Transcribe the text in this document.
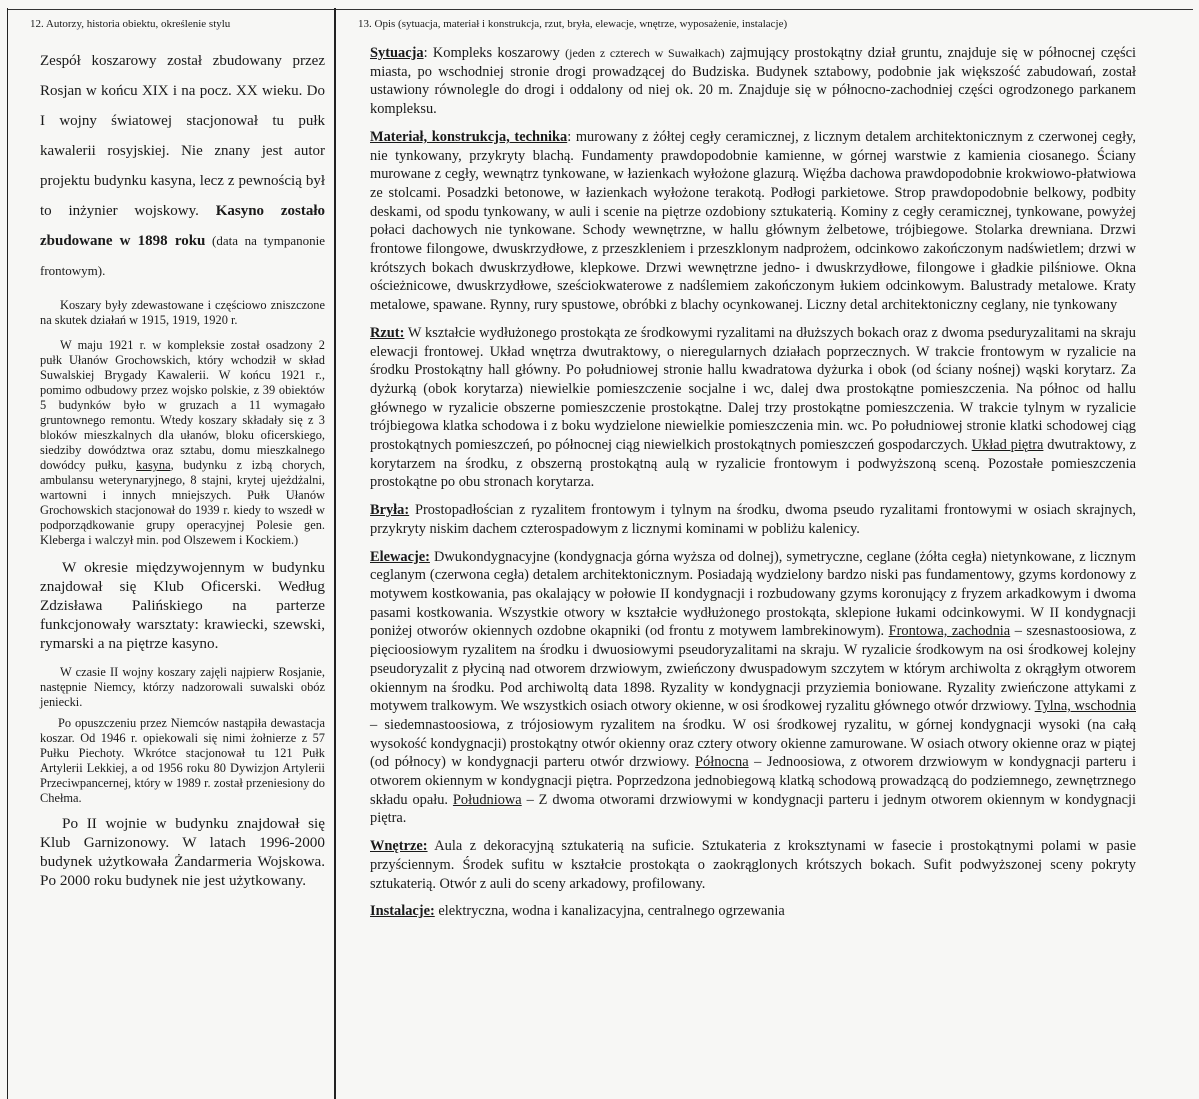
12. Autorzy, historia obiektu, określenie stylu	13. Opis (sytuacja, materiał i konstrukcja, rzut, bryła, elewacje, wnętrze, wyposażenie, instalacje)

Zespół koszarowy został zbudowany przez Rosjan w końcu XIX i na pocz. XX wieku. Do I wojny światowej stacjonował tu pułk kawalerii rosyjskiej. Nie znany jest autor projektu budynku kasyna, lecz z pewnością był to inżynier wojskowy. Kasyno zostało zbudowane w 1898 roku (data na tympanonie frontowym).

Koszary były zdewastowane i częściowo zniszczone na skutek działań w 1915, 1919, 1920 r.

W maju 1921 r. w kompleksie został osadzony 2 pułk Ułanów Grochowskich, który wchodził w skład Suwalskiej Brygady Kawalerii. W końcu 1921 r., pomimo odbudowy przez wojsko polskie, z 39 obiektów 5 budynków było w gruzach a 11 wymagało gruntownego remontu. Wtedy koszary składały się z 3 bloków mieszkalnych dla ułanów, bloku oficerskiego, siedziby dowództwa oraz sztabu, domu mieszkalnego dowódcy pułku, kasyna, budynku z izbą chorych, ambulansu weterynaryjnego, 8 stajni, krytej ujeżdżalni, wartowni i innych mniejszych. Pułk Ułanów Grochowskich stacjonował do 1939 r. kiedy to wszedł w podporządkowanie grupy operacyjnej Polesie gen. Kleberga i walczył min. pod Olszewem i Kockiem.)

W okresie międzywojennym w budynku znajdował się Klub Oficerski. Według Zdzisława Palińskiego na parterze funkcjonowały warsztaty: krawiecki, szewski, rymarski a na piętrze kasyno.

W czasie II wojny koszary zajęli najpierw Rosjanie, następnie Niemcy, którzy nadzorowali suwalski obóz jeniecki.

Po opuszczeniu przez Niemców nastąpiła dewastacja koszar. Od 1946 r. opiekowali się nimi żołnierze z 57 Pułku Piechoty. Wkrótce stacjonował tu 121 Pułk Artylerii Lekkiej, a od 1956 roku 80 Dywizjon Artylerii Przeciwpancernej, który w 1989 r. został przeniesiony do Chełma.

Po II wojnie w budynku znajdował się Klub Garnizonowy. W latach 1996-2000 budynek użytkowała Żandarmeria Wojskowa. Po 2000 roku budynek nie jest użytkowany.

Sytuacja: Kompleks koszarowy (jeden z czterech w Suwałkach) zajmujący prostokątny dział gruntu, znajduje się w północnej części miasta, po wschodniej stronie drogi prowadzącej do Budziska. Budynek sztabowy, podobnie jak większość zabudowań, został ustawiony równolegle do drogi i oddalony od niej ok. 20 m. Znajduje się w północno-zachodniej części ogrodzonego parkanem kompleksu.

Materiał, konstrukcja, technika: murowany z żółtej cegły ceramicznej, z licznym detalem architektonicznym z czerwonej cegły, nie tynkowany, przykryty blachą. Fundamenty prawdopodobnie kamienne, w górnej warstwie z kamienia ciosanego. Ściany murowane z cegły, wewnątrz tynkowane, w łazienkach wyłożone glazurą. Więźba dachowa prawdopodobnie krokwiowo-płatwiowa ze stolcami. Posadzki betonowe, w łazienkach wyłożone terakotą. Podłogi parkietowe. Strop prawdopodobnie belkowy, podbity deskami, od spodu tynkowany, w auli i scenie na piętrze ozdobiony sztukaterią. Kominy z cegły ceramicznej, tynkowane, powyżej połaci dachowych nie tynkowane. Schody wewnętrzne, w hallu głównym żelbetowe, trójbiegowe. Stolarka drewniana. Drzwi frontowe filongowe, dwuskrzydłowe, z przeszkleniem i przeszklonym nadprożem, odcinkowo zakończonym nadświetlem; drzwi w krótszych bokach dwuskrzydłowe, klepkowe. Drzwi wewnętrzne jedno- i dwuskrzydłowe, filongowe i gładkie pilśniowe. Okna ościeżnicowe, dwuskrzydłowe, sześciokwaterowe z nadślemiem zakończonym łukiem odcinkowym. Balustrady metalowe. Kraty metalowe, spawane. Rynny, rury spustowe, obróbki z blachy ocynkowanej. Liczny detal architektoniczny ceglany, nie tynkowany

Rzut: W kształcie wydłużonego prostokąta ze środkowymi ryzalitami na dłuższych bokach oraz z dwoma pseduryzalitami na skraju elewacji frontowej. Układ wnętrza dwutraktowy, o nieregularnych działach poprzecznych. W trakcie frontowym w ryzalicie na środku Prostokątny hall główny. Po południowej stronie hallu kwadratowa dyżurka i obok (od ściany nośnej) wąski korytarz. Za dyżurką (obok korytarza) niewielkie pomieszczenie socjalne i wc, dalej dwa prostokątne pomieszczenia. Na północ od hallu głównego w ryzalicie obszerne pomieszczenie prostokątne. Dalej trzy prostokątne pomieszczenia. W trakcie tylnym w ryzalicie trójbiegowa klatka schodowa i z boku wydzielone niewielkie pomieszczenia min. wc. Po południowej stronie klatki schodowej ciąg prostokątnych pomieszczeń, po północnej ciąg niewielkich prostokątnych pomieszczeń gospodarczych. Układ piętra dwutraktowy, z korytarzem na środku, z obszerną prostokątną aulą w ryzalicie frontowym i podwyższoną sceną. Pozostałe pomieszczenia prostokątne po obu stronach korytarza.

Bryła: Prostopadłościan z ryzalitem frontowym i tylnym na środku, dwoma pseudo ryzalitami frontowymi w osiach skrajnych, przykryty niskim dachem czterospadowym z licznymi kominami w pobliżu kalenicy.

Elewacje: Dwukondygnacyjne (kondygnacja górna wyższa od dolnej), symetryczne, ceglane (żółta cegła) nietynkowane, z licznym ceglanym (czerwona cegła) detalem architektonicznym. Posiadają wydzielony bardzo niski pas fundamentowy, gzyms kordonowy z motywem kostkowania, pas okalający w połowie II kondygnacji i rozbudowany gzyms koronujący z fryzem arkadkowym i dwoma pasami kostkowania. Wszystkie otwory w kształcie wydłużonego prostokąta, sklepione łukami odcinkowymi. W II kondygnacji poniżej otworów okiennych ozdobne okapniki (od frontu z motywem lambrekinowym). Frontowa, zachodnia – szesnastoosiowa, z pięcioosiowym ryzalitem na środku i dwuosiowymi pseudoryzalitami na skraju. W ryzalicie środkowym na osi środkowej kolejny pseudoryzalit z płyciną nad otworem drzwiowym, zwieńczony dwuspadowym szczytem w którym archiwolta z okrągłym otworem okiennym na środku. Pod archiwoltą data 1898. Ryzality w kondygnacji przyziemia boniowane. Ryzality zwieńczone attykami z motywem tralkowym. We wszystkich osiach otwory okienne, w osi środkowej ryzalitu głównego otwór drzwiowy. Tylna, wschodnia – siedemnastoosiowa, z trójosiowym ryzalitem na środku. W osi środkowej ryzalitu, w górnej kondygnacji wysoki (na całą wysokość kondygnacji) prostokątny otwór okienny oraz cztery otwory okienne zamurowane. W osiach otwory okienne oraz w piątej (od północy) w kondygnacji parteru otwór drzwiowy. Północna – Jednoosiowa, z otworem drzwiowym w kondygnacji parteru i otworem okiennym w kondygnacji piętra. Poprzedzona jednobiegową klatką schodową prowadzącą do podziemnego, zewnętrznego składu opału. Południowa – Z dwoma otworami drzwiowymi w kondygnacji parteru i jednym otworem okiennym w kondygnacji piętra.

Wnętrze: Aula z dekoracyjną sztukaterią na suficie. Sztukateria z kroksztynami w fasecie i prostokątnymi polami w pasie przyściennym. Środek sufitu w kształcie prostokąta o zaokrąglonych krótszych bokach. Sufit podwyższonej sceny pokryty sztukaterią. Otwór z auli do sceny arkadowy, profilowany.

Instalacje: elektryczna, wodna i kanalizacyjna, centralnego ogrzewania
